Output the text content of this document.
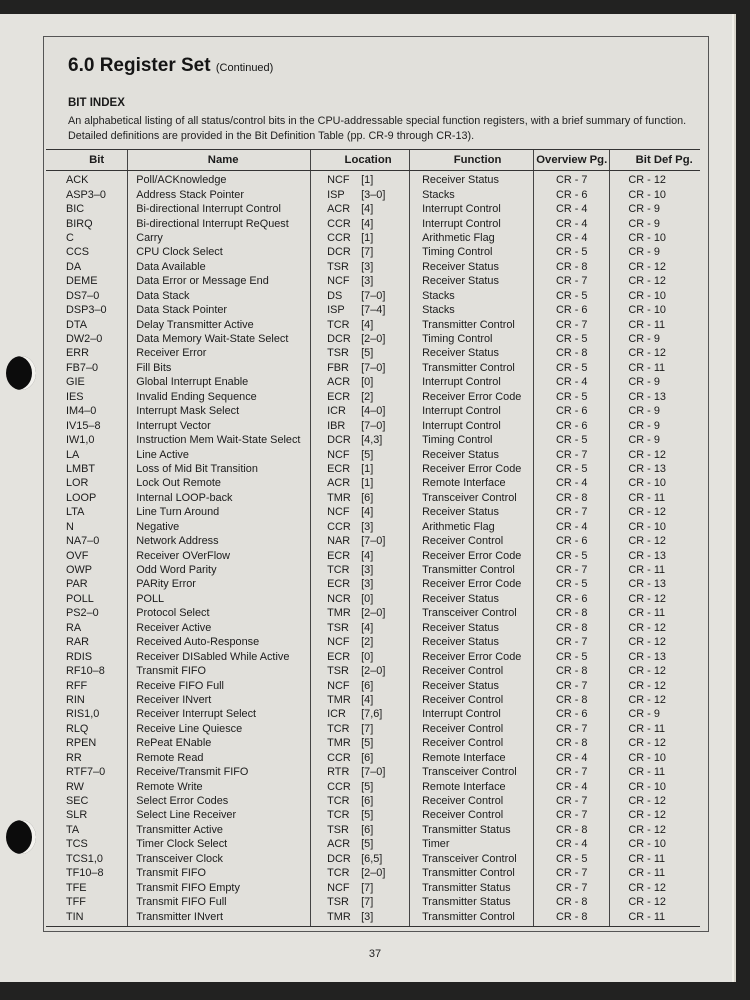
6.0 Register Set (Continued)
BIT INDEX
An alphabetical listing of all status/control bits in the CPU-addressable special function registers, with a brief summary of function. Detailed definitions are provided in the Bit Definition Table (pp. CR-9 through CR-13).
Bit	Name	Location	Function	Overview Pg.	Bit Def Pg.
ACK	Poll/ACKnowledge	NCF [1]	Receiver Status	CR - 7	CR - 12
ASP3–0	Address Stack Pointer	ISP [3–0]	Stacks	CR - 6	CR - 10
BIC	Bi-directional Interrupt Control	ACR [4]	Interrupt Control	CR - 4	CR - 9
BIRQ	Bi-directional Interrupt ReQuest	CCR [4]	Interrupt Control	CR - 4	CR - 9
C	Carry	CCR [1]	Arithmetic Flag	CR - 4	CR - 10
CCS	CPU Clock Select	DCR [7]	Timing Control	CR - 5	CR - 9
DA	Data Available	TSR [3]	Receiver Status	CR - 8	CR - 12
DEME	Data Error or Message End	NCF [3]	Receiver Status	CR - 7	CR - 12
DS7–0	Data Stack	DS [7–0]	Stacks	CR - 5	CR - 10
DSP3–0	Data Stack Pointer	ISP [7–4]	Stacks	CR - 6	CR - 10
DTA	Delay Transmitter Active	TCR [4]	Transmitter Control	CR - 7	CR - 11
DW2–0	Data Memory Wait-State Select	DCR [2–0]	Timing Control	CR - 5	CR - 9
ERR	Receiver Error	TSR [5]	Receiver Status	CR - 8	CR - 12
FB7–0	Fill Bits	FBR [7–0]	Transmitter Control	CR - 5	CR - 11
GIE	Global Interrupt Enable	ACR [0]	Interrupt Control	CR - 4	CR - 9
IES	Invalid Ending Sequence	ECR [2]	Receiver Error Code	CR - 5	CR - 13
IM4–0	Interrupt Mask Select	ICR [4–0]	Interrupt Control	CR - 6	CR - 9
IV15–8	Interrupt Vector	IBR [7–0]	Interrupt Control	CR - 6	CR - 9
IW1,0	Instruction Mem Wait-State Select	DCR [4,3]	Timing Control	CR - 5	CR - 9
LA	Line Active	NCF [5]	Receiver Status	CR - 7	CR - 12
LMBT	Loss of Mid Bit Transition	ECR [1]	Receiver Error Code	CR - 5	CR - 13
LOR	Lock Out Remote	ACR [1]	Remote Interface	CR - 4	CR - 10
LOOP	Internal LOOP-back	TMR [6]	Transceiver Control	CR - 8	CR - 11
LTA	Line Turn Around	NCF [4]	Receiver Status	CR - 7	CR - 12
N	Negative	CCR [3]	Arithmetic Flag	CR - 4	CR - 10
NA7–0	Network Address	NAR [7–0]	Receiver Control	CR - 6	CR - 12
OVF	Receiver OVerFlow	ECR [4]	Receiver Error Code	CR - 5	CR - 13
OWP	Odd Word Parity	TCR [3]	Transmitter Control	CR - 7	CR - 11
PAR	PARity Error	ECR [3]	Receiver Error Code	CR - 5	CR - 13
POLL	POLL	NCR [0]	Receiver Status	CR - 6	CR - 12
PS2–0	Protocol Select	TMR [2–0]	Transceiver Control	CR - 8	CR - 11
RA	Receiver Active	TSR [4]	Receiver Status	CR - 8	CR - 12
RAR	Received Auto-Response	NCF [2]	Receiver Status	CR - 7	CR - 12
RDIS	Receiver DISabled While Active	ECR [0]	Receiver Error Code	CR - 5	CR - 13
RF10–8	Transmit FIFO	TSR [2–0]	Receiver Control	CR - 8	CR - 12
RFF	Receive FIFO Full	NCF [6]	Receiver Status	CR - 7	CR - 12
RIN	Receiver INvert	TMR [4]	Receiver Control	CR - 8	CR - 12
RIS1,0	Receiver Interrupt Select	ICR [7,6]	Interrupt Control	CR - 6	CR - 9
RLQ	Receive Line Quiesce	TCR [7]	Receiver Control	CR - 7	CR - 11
RPEN	RePeat ENable	TMR [5]	Receiver Control	CR - 8	CR - 12
RR	Remote Read	CCR [6]	Remote Interface	CR - 4	CR - 10
RTF7–0	Receive/Transmit FIFO	RTR [7–0]	Transceiver Control	CR - 7	CR - 11
RW	Remote Write	CCR [5]	Remote Interface	CR - 4	CR - 10
SEC	Select Error Codes	TCR [6]	Receiver Control	CR - 7	CR - 12
SLR	Select Line Receiver	TCR [5]	Receiver Control	CR - 7	CR - 12
TA	Transmitter Active	TSR [6]	Transmitter Status	CR - 8	CR - 12
TCS	Timer Clock Select	ACR [5]	Timer	CR - 4	CR - 10
TCS1,0	Transceiver Clock	DCR [6,5]	Transceiver Control	CR - 5	CR - 11
TF10–8	Transmit FIFO	TCR [2–0]	Transmitter Control	CR - 7	CR - 11
TFE	Transmit FIFO Empty	NCF [7]	Transmitter Status	CR - 7	CR - 12
TFF	Transmit FIFO Full	TSR [7]	Transmitter Status	CR - 8	CR - 12
TIN	Transmitter INvert	TMR [3]	Transmitter Control	CR - 8	CR - 11
37
